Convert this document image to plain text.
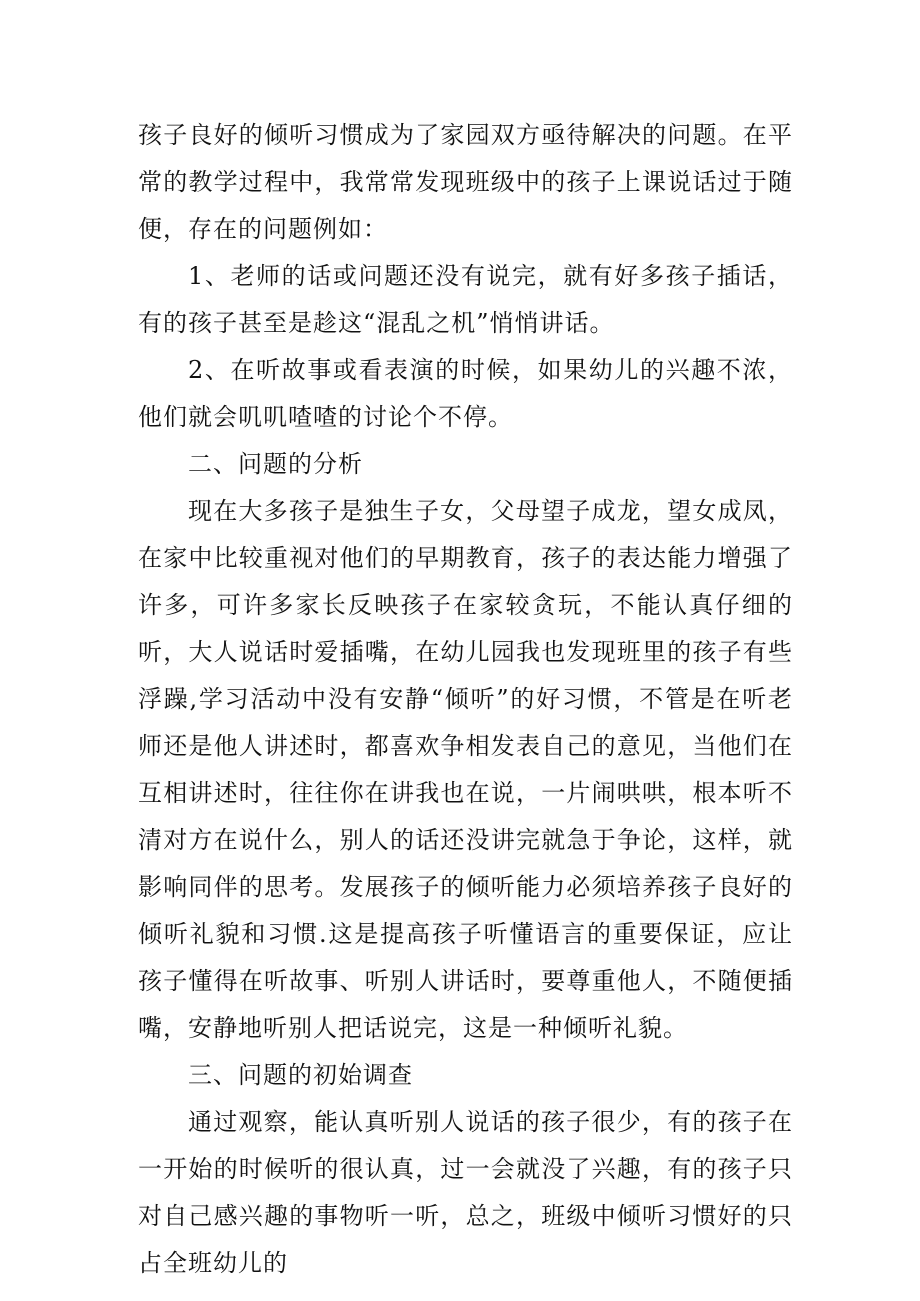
孩子良好的倾听习惯成为了家园双方亟待解决的问题。在平常的教学过程中，我常常发现班级中的孩子上课说话过于随便，存在的问题例如：

1、老师的话或问题还没有说完，就有好多孩子插话，有的孩子甚至是趁这“混乱之机”悄悄讲话。

2、在听故事或看表演的时候，如果幼儿的兴趣不浓，他们就会叽叽喳喳的讨论个不停。

二、问题的分析

现在大多孩子是独生子女，父母望子成龙，望女成凤，在家中比较重视对他们的早期教育，孩子的表达能力增强了许多，可许多家长反映孩子在家较贪玩，不能认真仔细的听，大人说话时爱插嘴，在幼儿园我也发现班里的孩子有些浮躁,学习活动中没有安静“倾听”的好习惯，不管是在听老师还是他人讲述时，都喜欢争相发表自己的意见，当他们在互相讲述时，往往你在讲我也在说，一片闹哄哄，根本听不清对方在说什么，别人的话还没讲完就急于争论，这样，就影响同伴的思考。发展孩子的倾听能力必须培养孩子良好的倾听礼貌和习惯.这是提高孩子听懂语言的重要保证，应让孩子懂得在听故事、听别人讲话时，要尊重他人，不随便插嘴，安静地听别人把话说完，这是一种倾听礼貌。

三、问题的初始调查

通过观察，能认真听别人说话的孩子很少，有的孩子在一开始的时候听的很认真，过一会就没了兴趣，有的孩子只对自己感兴趣的事物听一听，总之，班级中倾听习惯好的只占全班幼儿的
